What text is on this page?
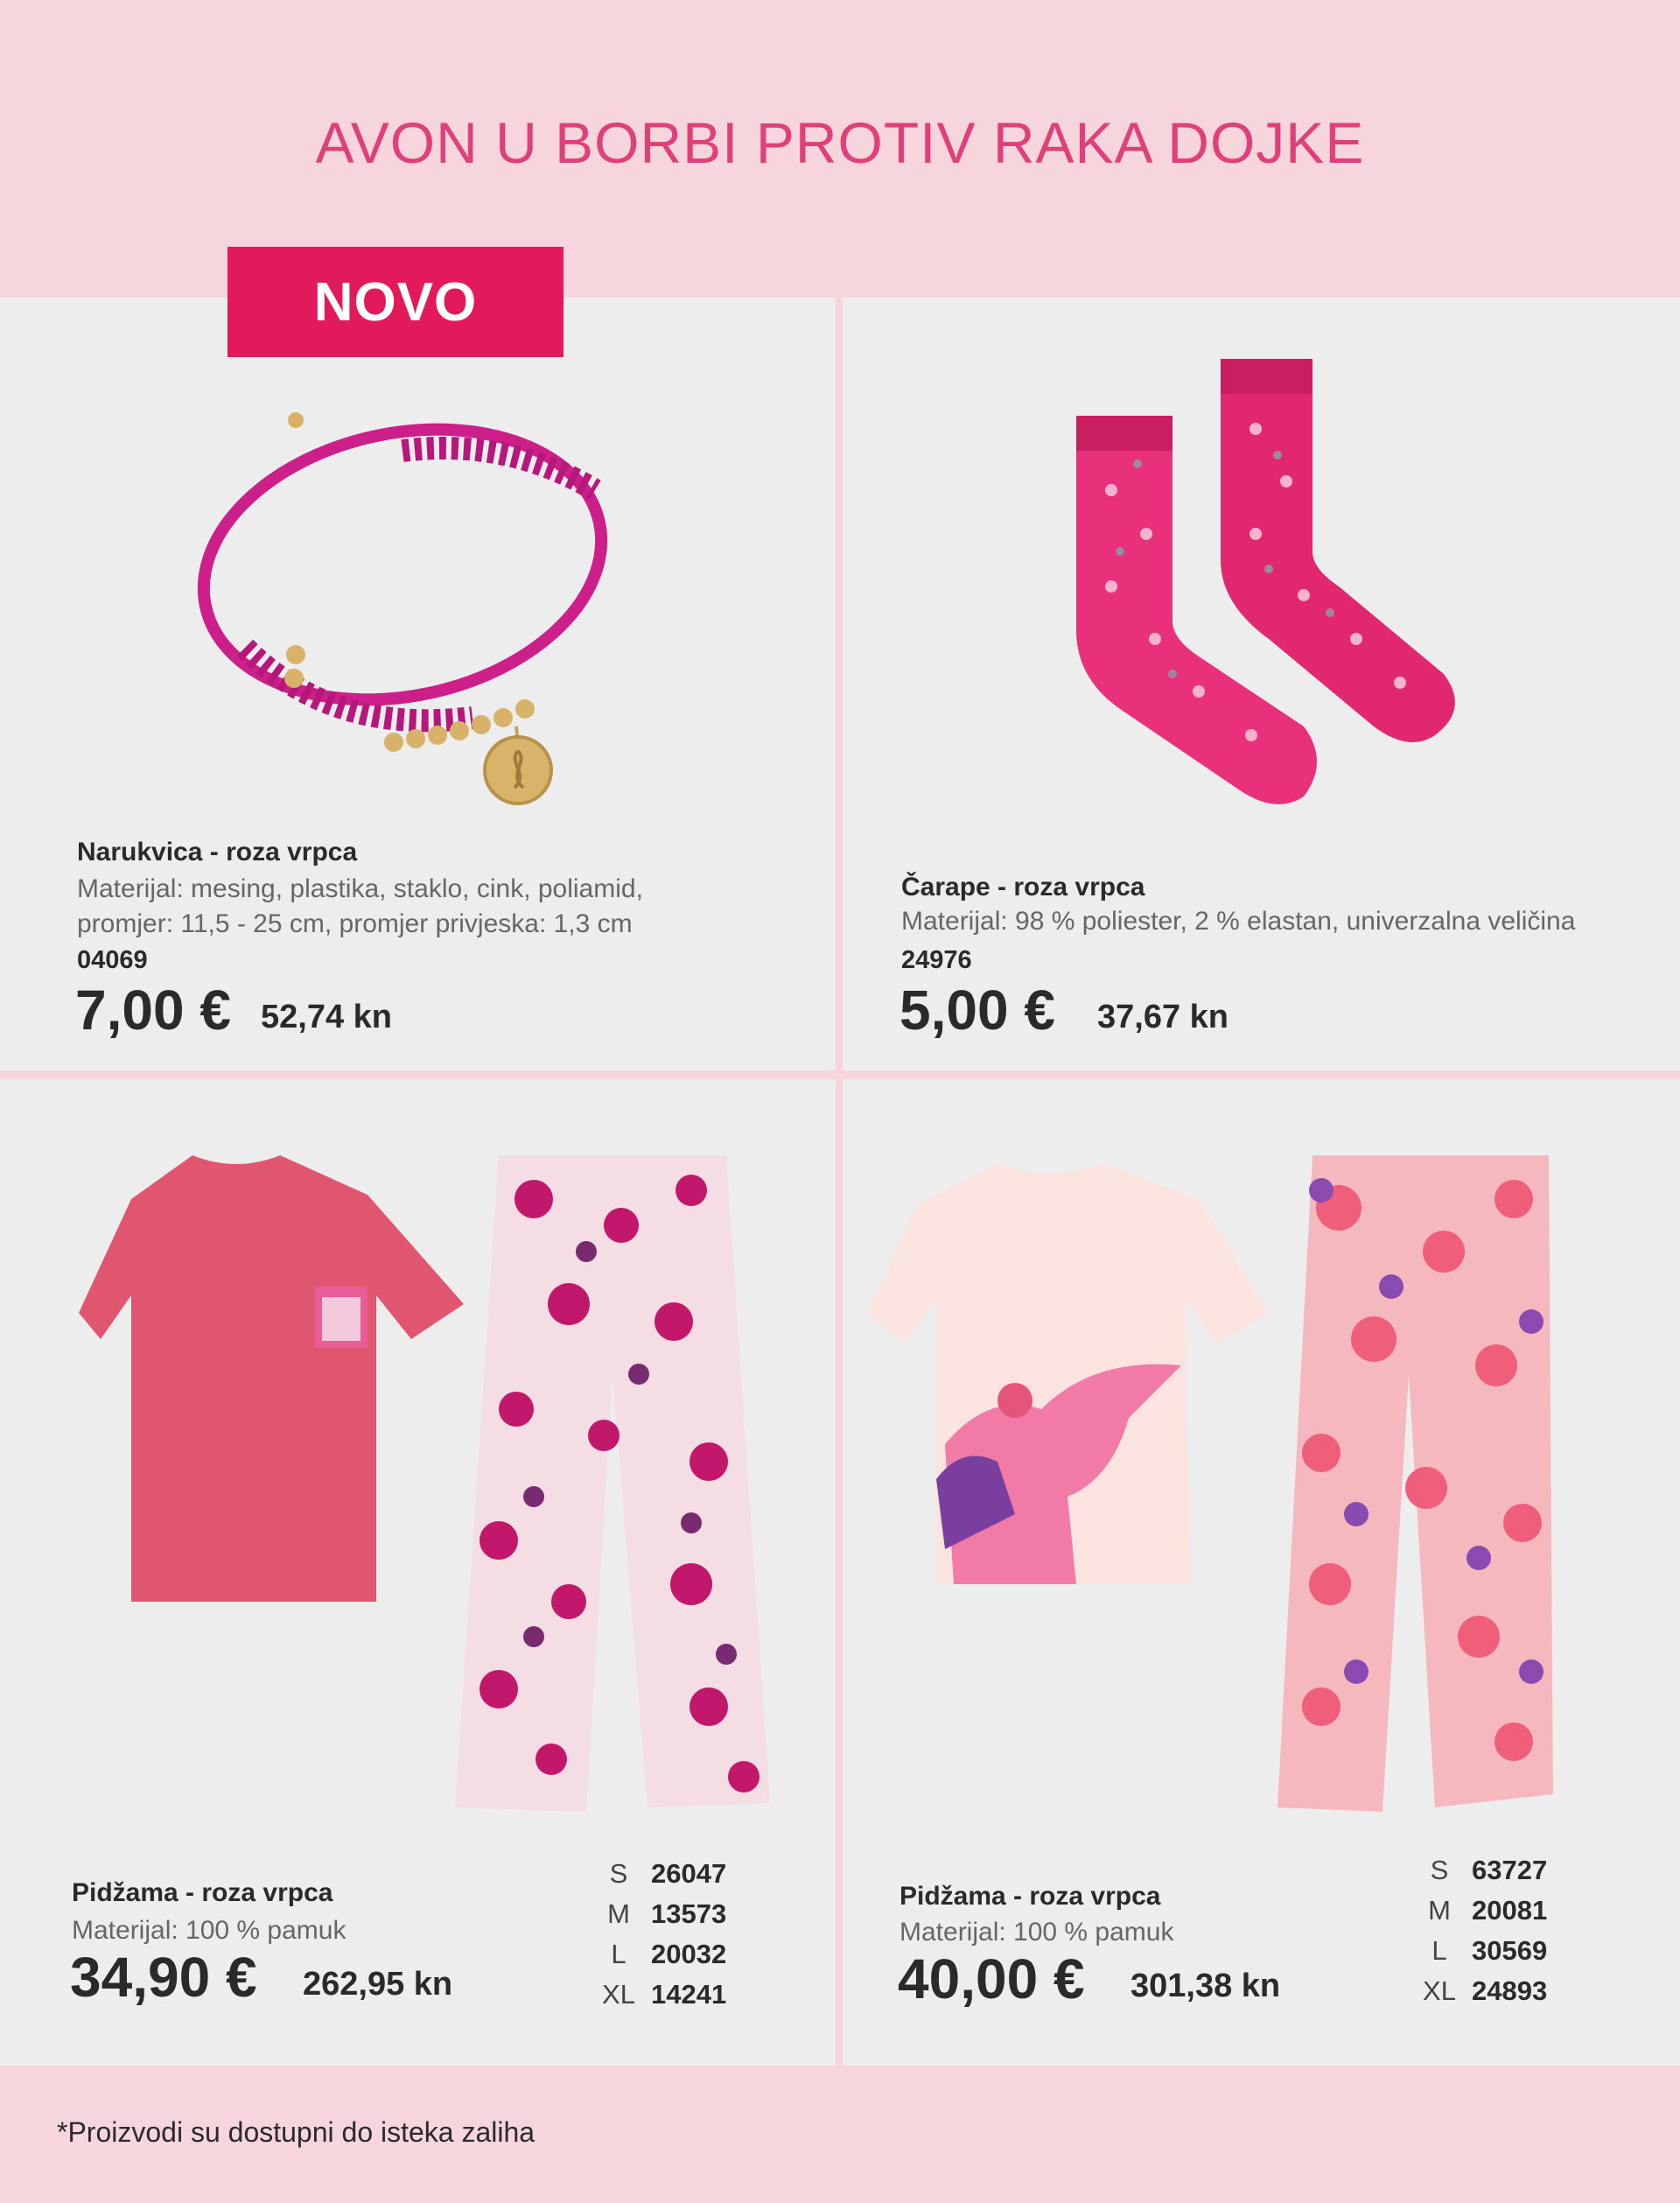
AVON U BORBI PROTIV RAKA DOJKE
NOVO
Narukvica - roza vrpca
Materijal: mesing, plastika, staklo, cink, poliamid,
promjer: 11,5 - 25 cm, promjer privjeska: 1,3 cm
04069
7,00 € 52,74 kn
Čarape - roza vrpca
Materijal: 98 % poliester, 2 % elastan, univerzalna veličina
24976
5,00 € 37,67 kn
Pidžama - roza vrpca
Materijal: 100 % pamuk
34,90 € 262,95 kn
S 26047
M 13573
L 20032
XL 14241
Pidžama - roza vrpca
Materijal: 100 % pamuk
40,00 € 301,38 kn
S 63727
M 20081
L 30569
XL 24893
*Proizvodi su dostupni do isteka zaliha
